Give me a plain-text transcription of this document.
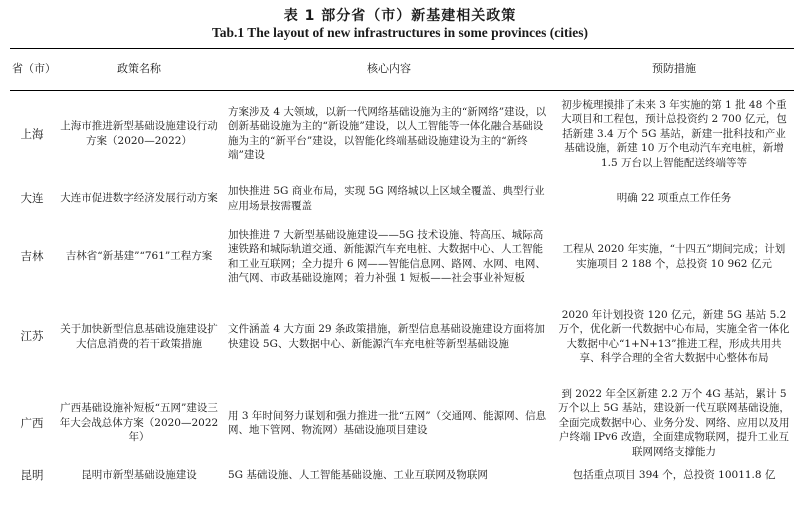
表 1 部分省（市）新基建相关政策
Tab.1 The layout of new infrastructures in some provinces (cities)
省（市）	政策名称	核心内容	预防措施
上海	上海市推进新型基础设施建设行动方案（2020—2022）	方案涉及 4 大领域，以新一代网络基础设施为主的“新网络”建设，以创新基础设施为主的“新设施”建设，以人工智能等一体化融合基础设施为主的“新平台”建设，以智能化终端基础设施建设为主的“新终端”建设	初步梳理摸排了未来 3 年实施的第 1 批 48 个重大项目和工程包，预计总投资约 2 700 亿元，包括新建 3.4 万个 5G 基站，新建一批科技和产业基础设施，新建 10 万个电动汽车充电桩，新增 1.5 万台以上智能配送终端等等
大连	大连市促进数字经济发展行动方案	加快推进 5G 商业布局，实现 5G 网络城以上区域全覆盖、典型行业应用场景按需覆盖	明确 22 项重点工作任务
吉林	吉林省“新基建”“761”工程方案	加快推进 7 大新型基础设施建设——5G 技术设施、特高压、城际高速铁路和城际轨道交通、新能源汽车充电桩、大数据中心、人工智能和工业互联网；全力提升 6 网——智能信息网、路网、水网、电网、油气网、市政基础设施网；着力补强 1 短板——社会事业补短板	工程从 2020 年实施，“十四五”期间完成；计划实施项目 2 188 个，总投资 10 962 亿元
江苏	关于加快新型信息基础设施建设扩大信息消费的若干政策措施	文件涵盖 4 大方面 29 条政策措施，新型信息基础设施建设方面将加快建设 5G、大数据中心、新能源汽车充电桩等新型基础设施	2020 年计划投资 120 亿元，新建 5G 基站 5.2 万个，优化新一代数据中心布局，实施全省一体化大数据中心“1+N+13”推进工程，形成共用共享、科学合理的全省大数据中心整体布局
广西	广西基础设施补短板“五网”建设三年大会战总体方案（2020—2022 年）	用 3 年时间努力谋划和强力推进一批“五网”（交通网、能源网、信息网、地下管网、物流网）基础设施项目建设	到 2022 年全区新建 2.2 万个 4G 基站，累计 5 万个以上 5G 基站，建设新一代互联网基础设施，全面完成数据中心、业务分发、网络、应用以及用户终端 IPv6 改造，全面建成物联网，提升工业互联网网络支撑能力
昆明	昆明市新型基础设施建设	5G 基础设施、人工智能基础设施、工业互联网及物联网	包括重点项目 394 个，总投资 10011.8 亿
